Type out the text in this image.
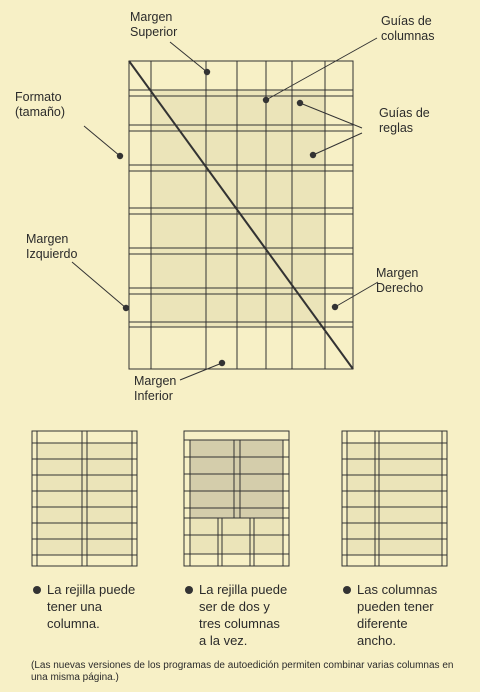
Margen
Superior
Guías de
columnas
Formato
(tamaño)	Guías de
reglas
Margen
Izquierdo
Margen
Derecho
Margen
Inferior
La rejilla puede
tener una
columna.
La rejilla puede
ser de dos y
tres columnas
a la vez.
Las columnas
pueden tener
diferente
ancho.
(Las nuevas versiones de los programas de autoedición permiten combinar varias columnas en
una misma página.)
